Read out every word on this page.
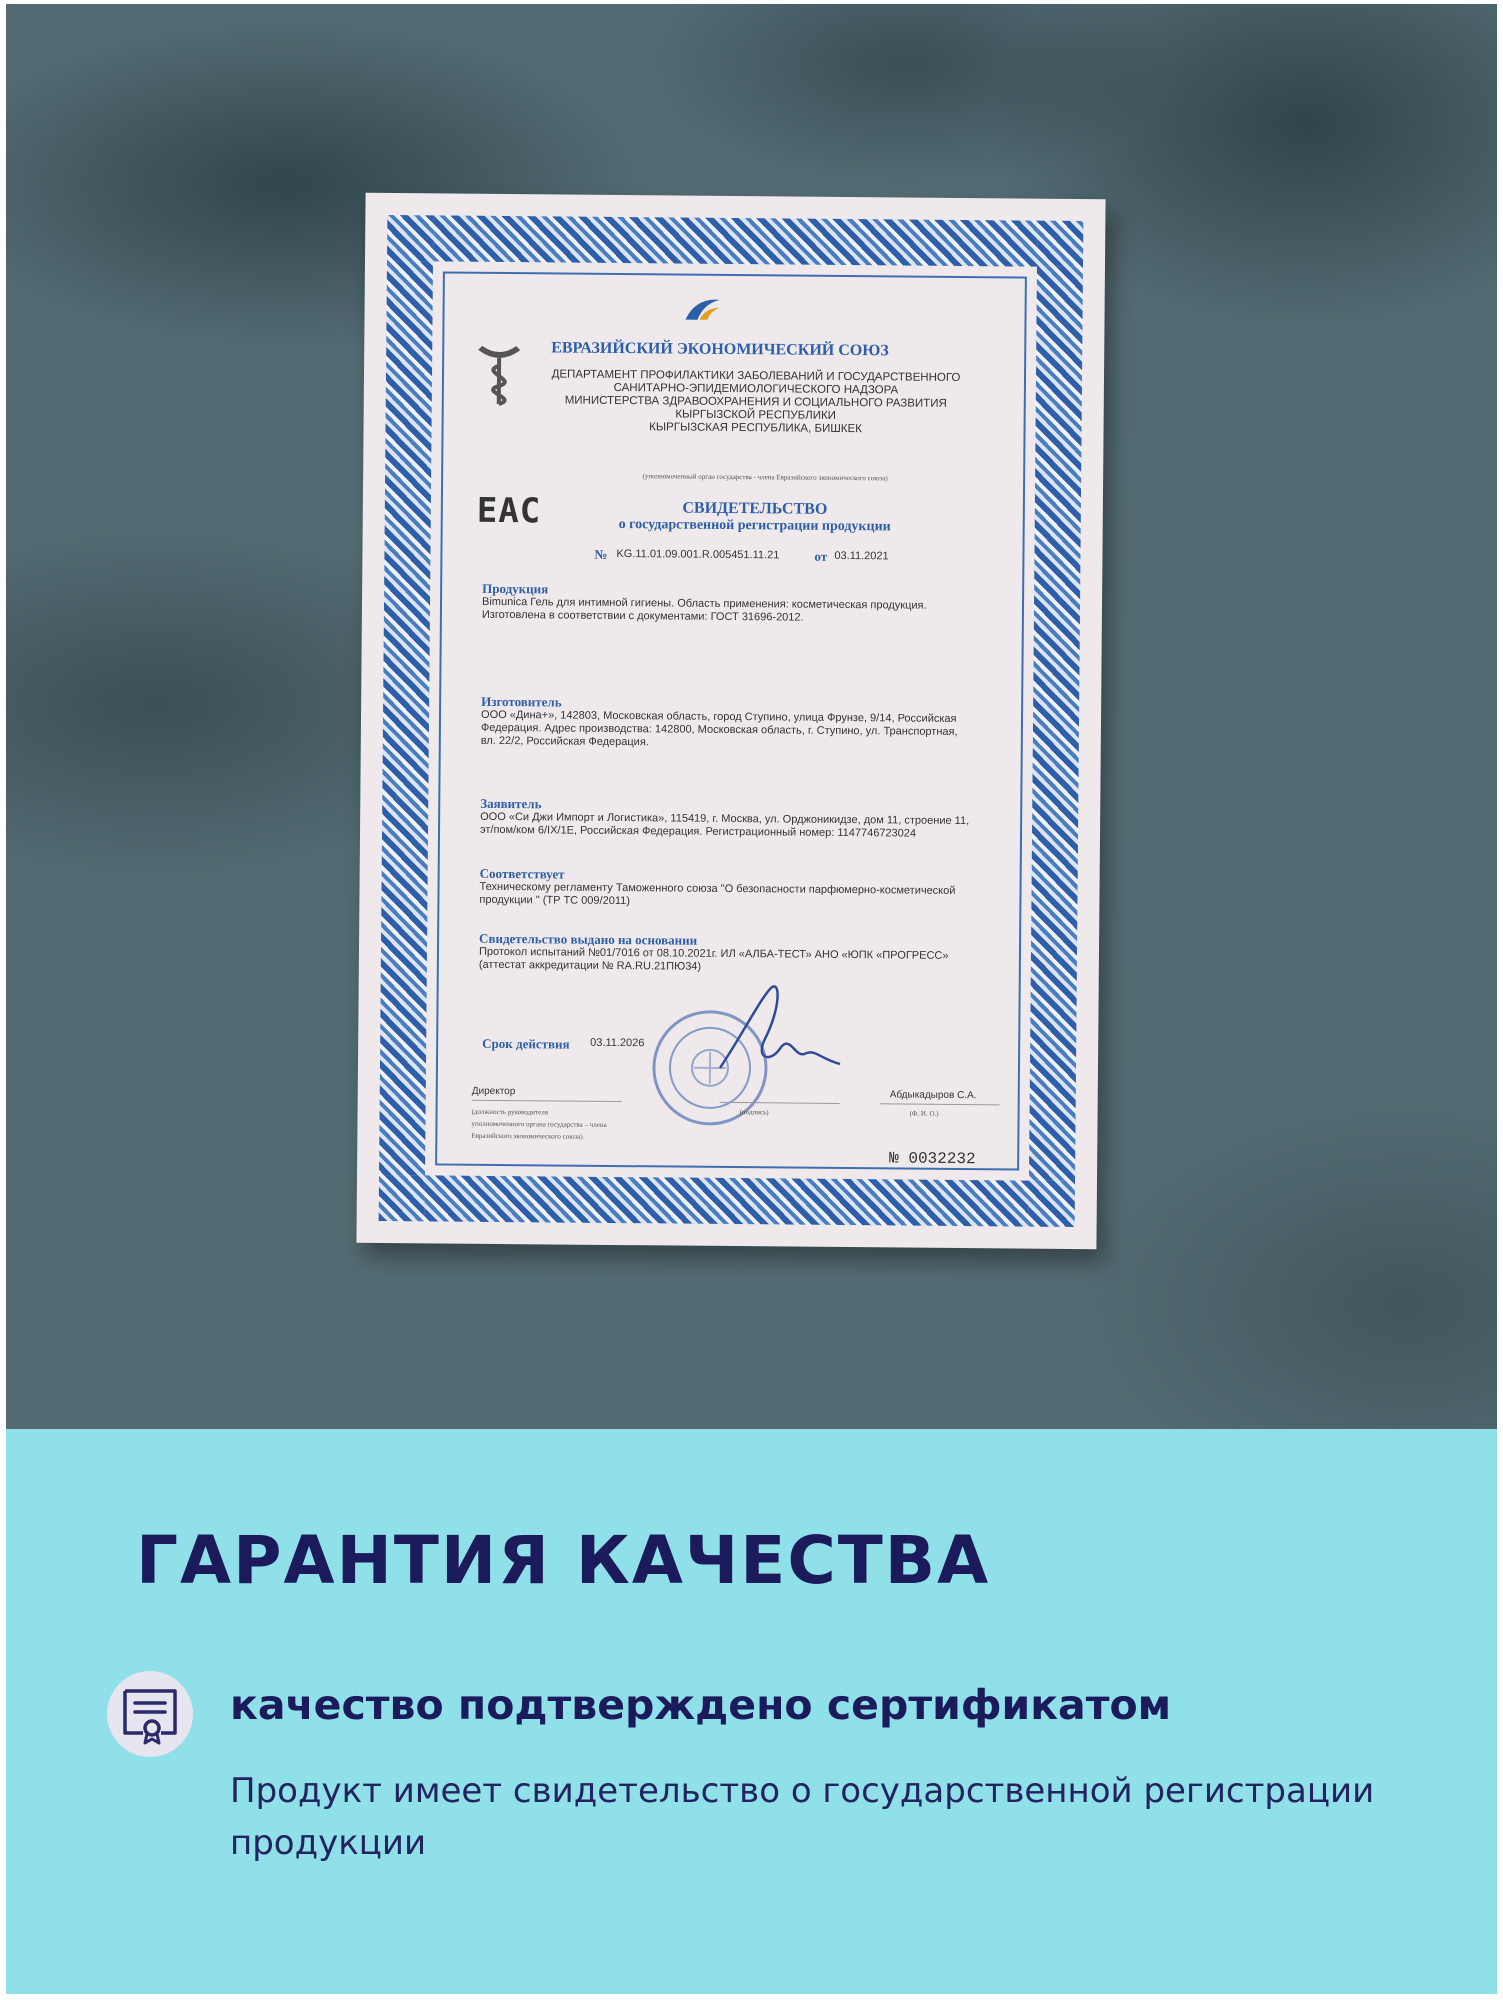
ЕВРАЗИЙСКИЙ ЭКОНОМИЧЕСКИЙ СОЮЗ
ДЕПАРТАМЕНТ ПРОФИЛАКТИКИ ЗАБОЛЕВАНИЙ И ГОСУДАРСТВЕННОГО
САНИТАРНО-ЭПИДЕМИОЛОГИЧЕСКОГО НАДЗОРА
МИНИСТЕРСТВА ЗДРАВООХРАНЕНИЯ И СОЦИАЛЬНОГО РАЗВИТИЯ
КЫРГЫЗСКОЙ РЕСПУБЛИКИ
КЫРГЫЗСКАЯ РЕСПУБЛИКА, БИШКЕК
(уполномоченный орган государства - члена Евразийского экономического союза)
EAC	СВИДЕТЕЛЬСТВО
о государственной регистрации продукции
№ KG.11.01.09.001.R.005451.11.21	от 03.11.2021
Продукция
Bimunica Гель для интимной гигиены. Область применения: косметическая продукция.
Изготовлена в соответствии с документами: ГОСТ 31696-2012.
Изготовитель
ООО «Дина+», 142803, Московская область, город Ступино, улица Фрунзе, 9/14, Российская
Федерация. Адрес производства: 142800, Московская область, г. Ступино, ул. Транспортная,
вл. 22/2, Российская Федерация.
Заявитель
ООО «Си Джи Импорт и Логистика», 115419, г. Москва, ул. Орджоникидзе, дом 11, строение 11,
эт/пом/ком 6/IX/1Е, Российская Федерация. Регистрационный номер: 1147746723024
Соответствует
Техническому регламенту Таможенного союза "О безопасности парфюмерно-косметической
продукции " (ТР ТС 009/2011)
Свидетельство выдано на основании
Протокол испытаний №01/7016 от 08.10.2021г. ИЛ «АЛБА-ТЕСТ» АНО «ЮПК «ПРОГРЕСС»
(аттестат аккредитации № RA.RU.21ПЮ34)
Срок действия 03.11.2026
Директор
(должность руководителя
уполномоченного органа государства – члена
Евразийского экономического союза)
(подпись)
Абдыкадыров С.А.
(Ф. И. О.)
№ 0032232
ГАРАНТИЯ КАЧЕСТВА
качество подтверждено сертификатом

Продукт имеет свидетельство о государственной регистрации продукции
